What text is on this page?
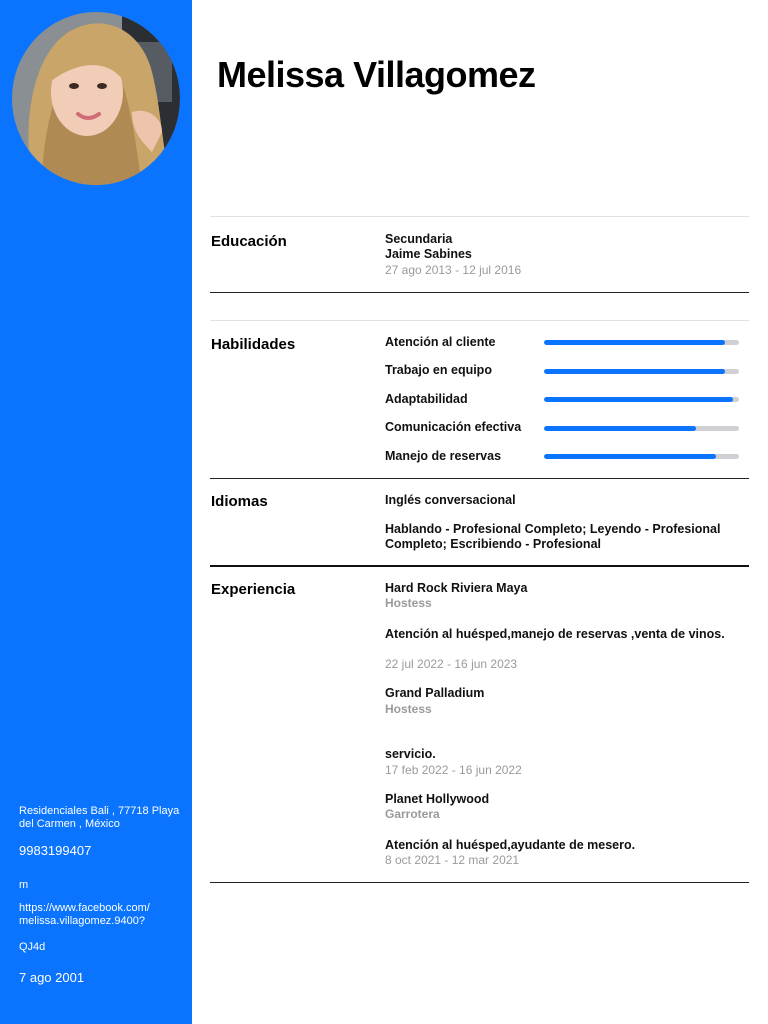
Residenciales Bali , 77718 Playa del Carmen , México
9983199407
m
https://www.facebook.com/ melissa.villagomez.9400?
QJ4d
7 ago 2001
Melissa Villagomez
Educación	Secundaria
Jaime Sabines
27 ago 2013 - 12 jul 2016
Habilidades	Atención al cliente
Trabajo en equipo
Adaptabilidad
Comunicación efectiva
Manejo de reservas
Idiomas	Inglés conversacional
Hablando - Profesional Completo; Leyendo - Profesional Completo; Escribiendo - Profesional
Experiencia	Hard Rock Riviera Maya
Hostess
Atención al huésped,manejo de reservas ,venta de vinos.
22 jul 2022 - 16 jun 2023
Grand Palladium
Hostess
servicio.
17 feb 2022 - 16 jun 2022
Planet Hollywood
Garrotera
Atención al huésped,ayudante de mesero.
8 oct 2021 - 12 mar 2021
